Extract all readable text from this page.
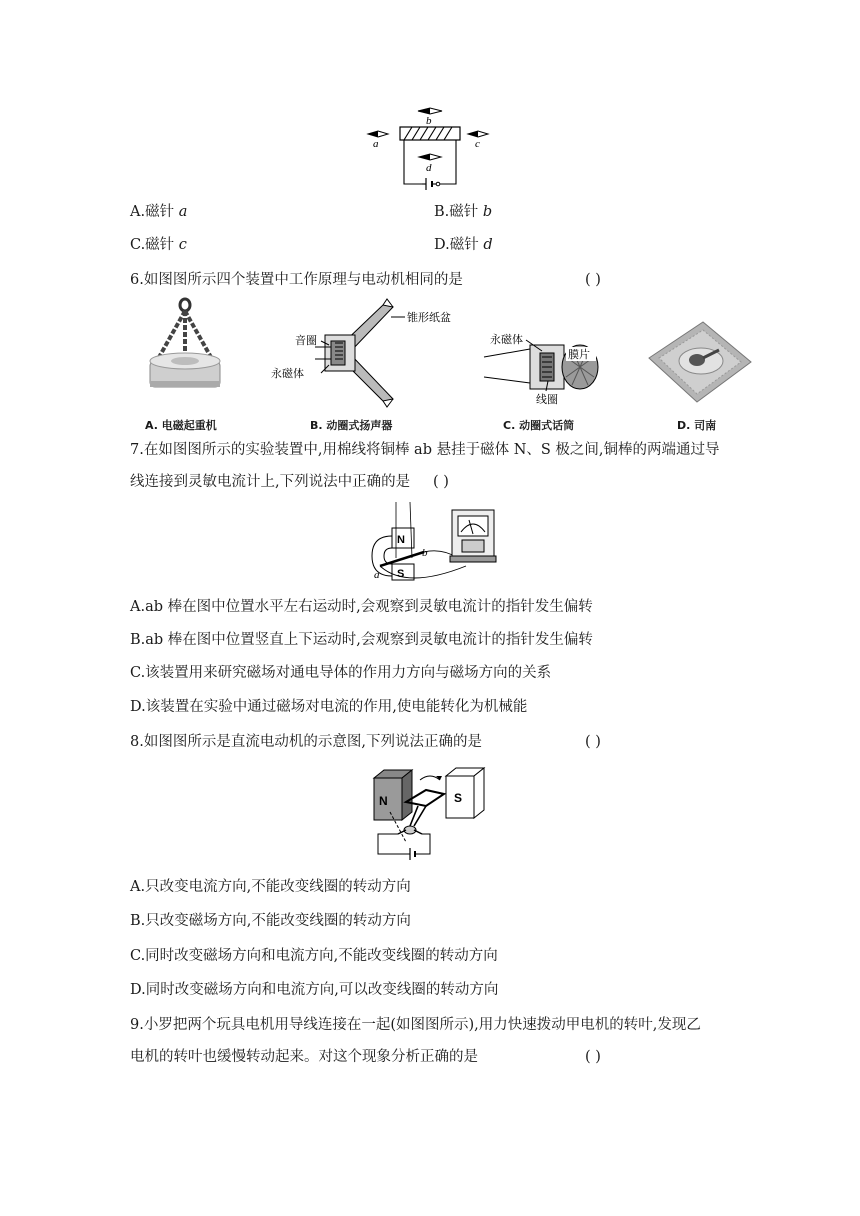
b
a	c
d
A.磁针 a	B.磁针 b
C.磁针 c	D.磁针 d
6.如图图所示四个装置中工作原理与电动机相同的是	( )
A. 电磁起重机
音圈
锥形纸盆
永磁体
B. 动圈式扬声器
永磁体
膜片
线圈
C. 动圈式话筒	D. 司南
7.在如图图所示的实验装置中,用棉线将铜棒 ab 悬挂于磁体 N、S 极之间,铜棒的两端通过导
线连接到灵敏电流计上,下列说法中正确的是 ( )
N
S
a
b
A.ab 棒在图中位置水平左右运动时,会观察到灵敏电流计的指针发生偏转
B.ab 棒在图中位置竖直上下运动时,会观察到灵敏电流计的指针发生偏转
C.该装置用来研究磁场对通电导体的作用力方向与磁场方向的关系
D.该装置在实验中通过磁场对电流的作用,使电能转化为机械能
8.如图图所示是直流电动机的示意图,下列说法正确的是	( )
N	S
A.只改变电流方向,不能改变线圈的转动方向
B.只改变磁场方向,不能改变线圈的转动方向
C.同时改变磁场方向和电流方向,不能改变线圈的转动方向
D.同时改变磁场方向和电流方向,可以改变线圈的转动方向
9.小罗把两个玩具电机用导线连接在一起(如图图所示),用力快速拨动甲电机的转叶,发现乙
电机的转叶也缓慢转动起来。对这个现象分析正确的是	( )
